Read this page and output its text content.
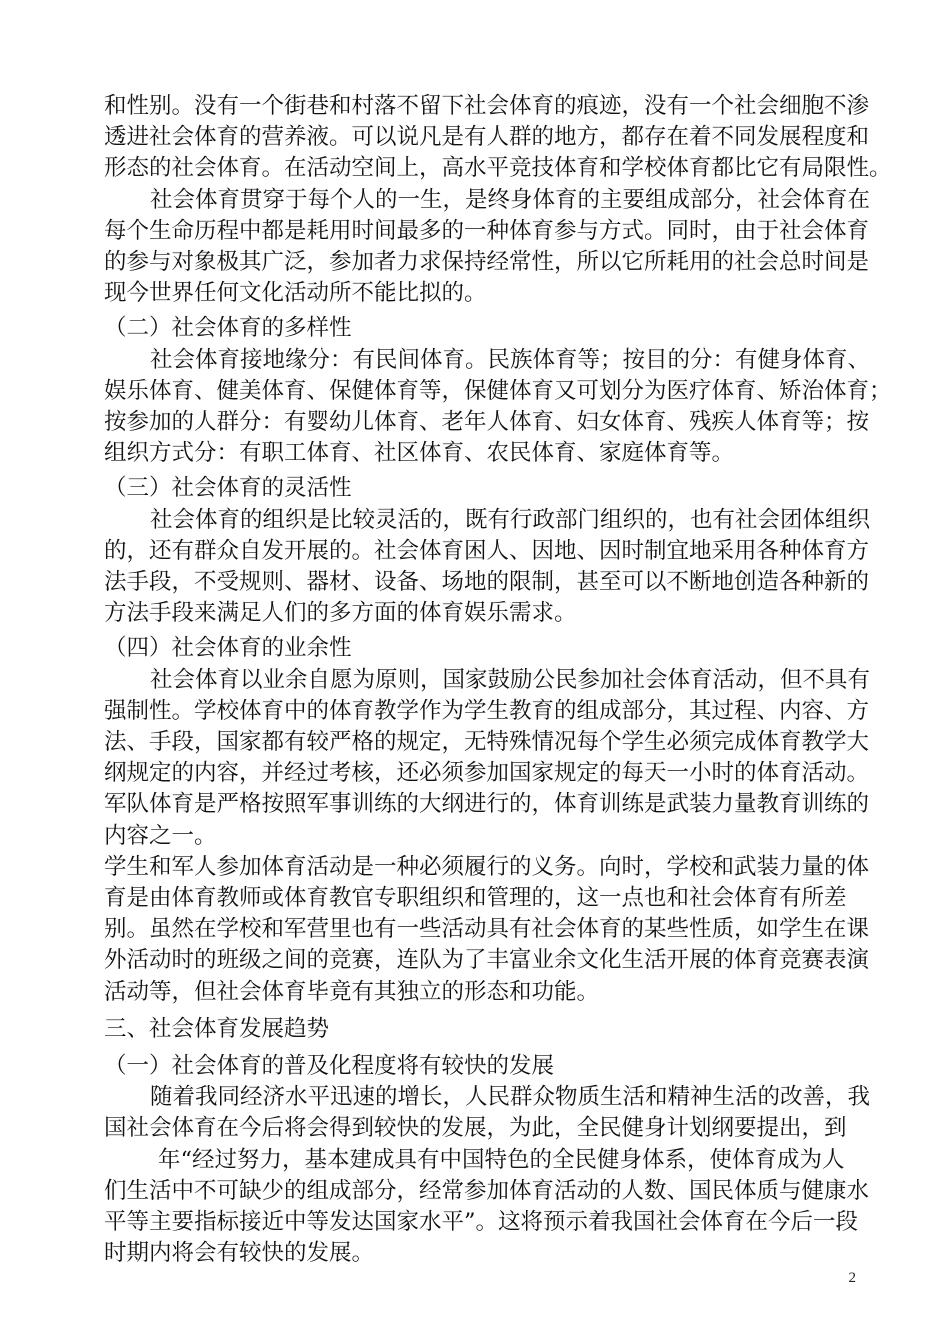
和性别。没有一个街巷和村落不留下社会体育的痕迹，没有一个社会细胞不渗
透进社会体育的营养液。可以说凡是有人群的地方，都存在着不同发展程度和
形态的社会体育。在活动空间上，高水平竞技体育和学校体育都比它有局限性。
社会体育贯穿于每个人的一生，是终身体育的主要组成部分，社会体育在
每个生命历程中都是耗用时间最多的一种体育参与方式。同时，由于社会体育
的参与对象极其广泛，参加者力求保持经常性，所以它所耗用的社会总时间是
现今世界任何文化活动所不能比拟的。
（二）社会体育的多样性
社会体育接地缘分：有民间体育。民族体育等；按目的分：有健身体育、
娱乐体育、健美体育、保健体育等，保健体育又可划分为医疗体育、矫治体育；
按参加的人群分：有婴幼儿体育、老年人体育、妇女体育、残疾人体育等；按
组织方式分：有职工体育、社区体育、农民体育、家庭体育等。
（三）社会体育的灵活性
社会体育的组织是比较灵活的，既有行政部门组织的，也有社会团体组织
的，还有群众自发开展的。社会体育困人、因地、因时制宜地采用各种体育方
法手段，不受规则、器材、设备、场地的限制，甚至可以不断地创造各种新的
方法手段来满足人们的多方面的体育娱乐需求。
（四）社会体育的业余性
社会体育以业余自愿为原则，国家鼓励公民参加社会体育活动，但不具有
强制性。学校体育中的体育教学作为学生教育的组成部分，其过程、内容、方
法、手段，国家都有较严格的规定，无特殊情况每个学生必须完成体育教学大
纲规定的内容，并经过考核，还必须参加国家规定的每天一小时的体育活动。
军队体育是严格按照军事训练的大纲进行的，体育训练是武装力量教育训练的
内容之一。
学生和军人参加体育活动是一种必须履行的义务。向时，学校和武装力量的体
育是由体育教师或体育教官专职组织和管理的，这一点也和社会体育有所差
别。虽然在学校和军营里也有一些活动具有社会体育的某些性质，如学生在课
外活动时的班级之间的竞赛，连队为了丰富业余文化生活开展的体育竞赛表演
活动等，但社会体育毕竟有其独立的形态和功能。
三、社会体育发展趋势
（一）社会体育的普及化程度将有较快的发展
随着我同经济水平迅速的增长，人民群众物质生活和精神生活的改善，我
国社会体育在今后将会得到较快的发展，为此，全民健身计划纲要提出，到
年“经过努力，基本建成具有中国特色的全民健身体系，使体育成为人
们生活中不可缺少的组成部分，经常参加体育活动的人数、国民体质与健康水
平等主要指标接近中等发达国家水平”。这将预示着我国社会体育在今后一段
时期内将会有较快的发展。
2
